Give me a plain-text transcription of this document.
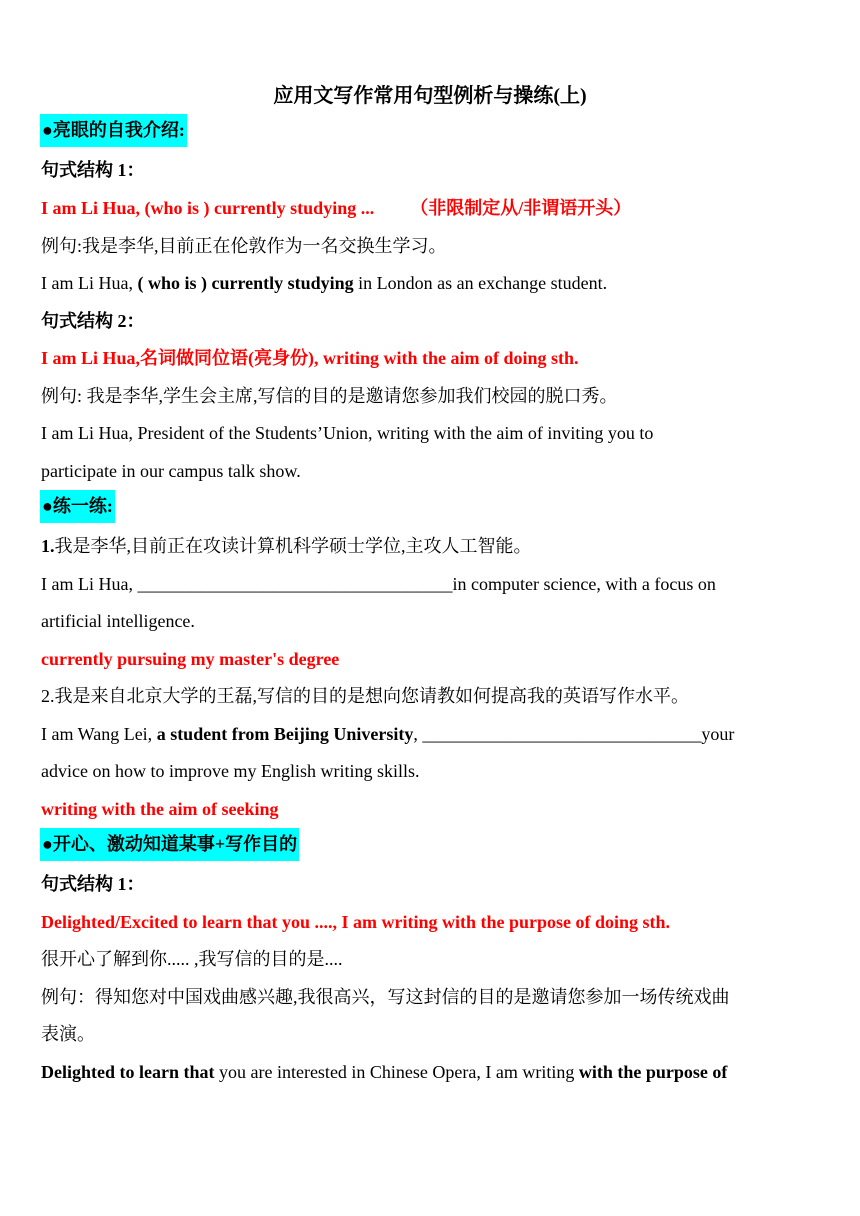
应用文写作常用句型例析与操练(上)
●亮眼的自我介绍:
句式结构 1：
I am Li Hua, (who is ) currently studying ... （非限制定从/非谓语开头）
例句:我是李华,目前正在伦敦作为一名交换生学习。
I am Li Hua, ( who is ) currently studying in London as an exchange student.
句式结构 2：
I am Li Hua,名词做同位语(亮身份), writing with the aim of doing sth.
例句: 我是李华,学生会主席,写信的目的是邀请您参加我们校园的脱口秀。
I am Li Hua, President of the Students’Union, writing with the aim of inviting you to
participate in our campus talk show.
●练一练:
1.我是李华,目前正在攻读计算机科学硕士学位,主攻人工智能。
I am Li Hua, ___________________________________in computer science, with a focus on
artificial intelligence.
currently pursuing my master's degree
2.我是来自北京大学的王磊,写信的目的是想向您请教如何提高我的英语写作水平。
I am Wang Lei, a student from Beijing University, _______________________________your
advice on how to improve my English writing skills.
writing with the aim of seeking
●开心、激动知道某事+写作目的
句式结构 1：
Delighted/Excited to learn that you ...., I am writing with the purpose of doing sth.
很开心了解到你..... ,我写信的目的是....
例句：得知您对中国戏曲感兴趣,我很高兴，写这封信的目的是邀请您参加一场传统戏曲
表演。
Delighted to learn that you are interested in Chinese Opera, I am writing with the purpose of
